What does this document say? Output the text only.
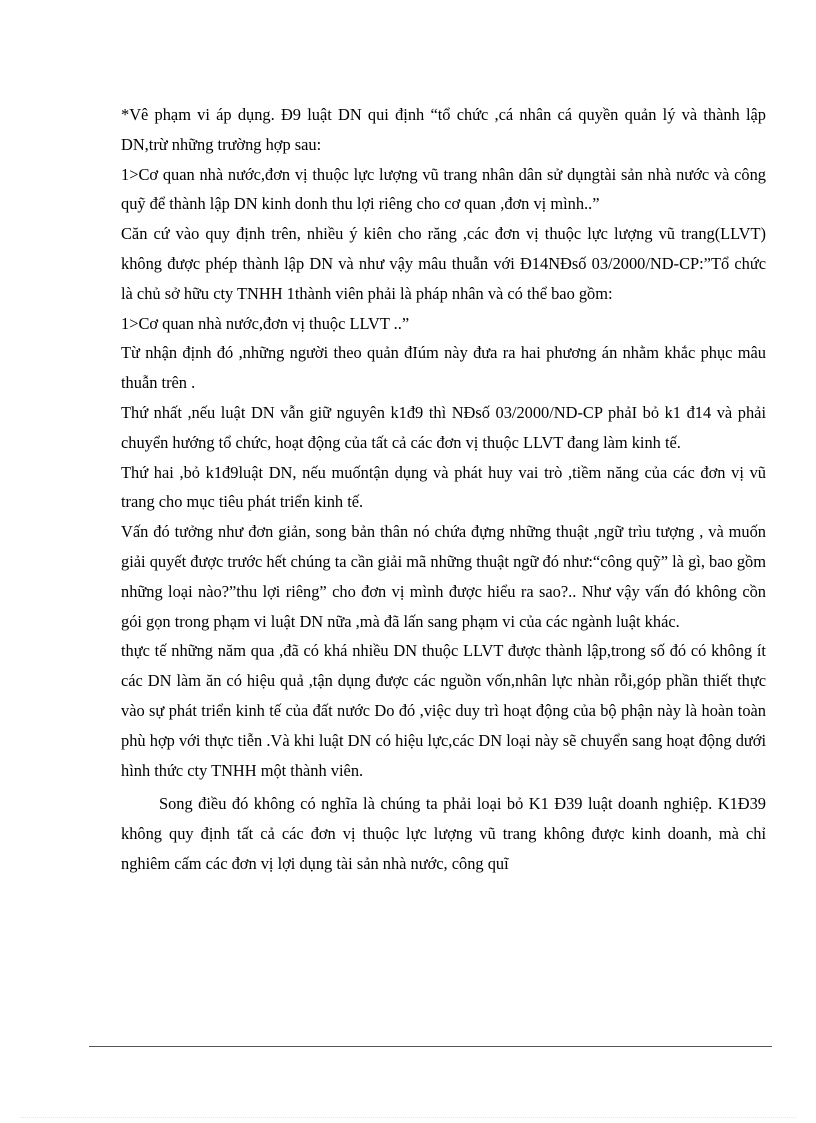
*Vê phạm vi áp dụng. Đ9 luật DN qui định “tổ chức ,cá nhân cá quyền quản lý và thành lập DN,trừ những trường hợp sau:

1>Cơ quan nhà nước,đơn vị thuộc lực lượng vũ trang nhân dân sử dụngtài sản nhà nước và công quỹ để thành lập DN kinh donh thu lợi riêng cho cơ quan ,đơn vị mình..”

Căn cứ vào quy định trên, nhiều ý kiên cho răng ,các đơn vị thuộc lực lượng vũ trang(LLVT) không được phép thành lập DN và như vậy mâu thuẫn với Đ14NĐsố 03/2000/ND-CP:”Tổ chức là chủ sở hữu cty TNHH 1thành viên phải là pháp nhân và có thể bao gồm:

1>Cơ quan nhà nước,đơn vị thuộc LLVT ..”

Từ nhận định đó ,những người theo quản đIúm này đưa ra hai phương án nhằm khắc phục mâu thuẫn trên .

Thứ nhất ,nếu luật DN vẫn giữ nguyên k1đ9 thì NĐsố 03/2000/ND-CP phảI bỏ k1 đ14 và phải chuyển hướng tổ chức, hoạt động của tất cả các đơn vị thuộc LLVT đang làm kinh tế.

Thứ hai ,bỏ k1đ9luật DN, nếu muốntận dụng và phát huy vai trò ,tiềm năng của các đơn vị vũ trang cho mục tiêu phát triển kinh tế.

Vấn đó tưởng như đơn giản, song bản thân nó chứa đựng những thuật ,ngữ trìu tượng , và muốn giải quyết được trước hết chúng ta cần giải mã những thuật ngữ đó như:“công quỹ” là gì, bao gồm những loại nào?”thu lợi riêng” cho đơn vị mình được hiểu ra sao?.. Như vậy vấn đó không cồn gói gọn trong phạm vi luật DN nữa ,mà đã lấn sang phạm vi của các ngành luật khác.

thực tế những năm qua ,đã có khá nhiều DN thuộc LLVT được thành lập,trong số đó có không ít các DN làm ăn có hiệu quả ,tận dụng được các nguồn vốn,nhân lực nhàn rỗi,góp phần thiết thực vào sự phát triển kinh tế của đất nước Do đó ,việc duy trì hoạt động của bộ phận này là hoàn toàn phù hợp với thực tiễn .Và khi luật DN có hiệu lực,các DN loại này sẽ chuyển sang hoạt động dưới hình thức cty TNHH một thành viên.

Song điều đó không có nghĩa là chúng ta phải loại bỏ K1 Đ39 luật doanh nghiệp. K1Đ39 không quy định tất cả các đơn vị thuộc lực lượng vũ trang không được kinh doanh, mà chỉ nghiêm cấm các đơn vị lợi dụng tài sản nhà nước, công quĩ
